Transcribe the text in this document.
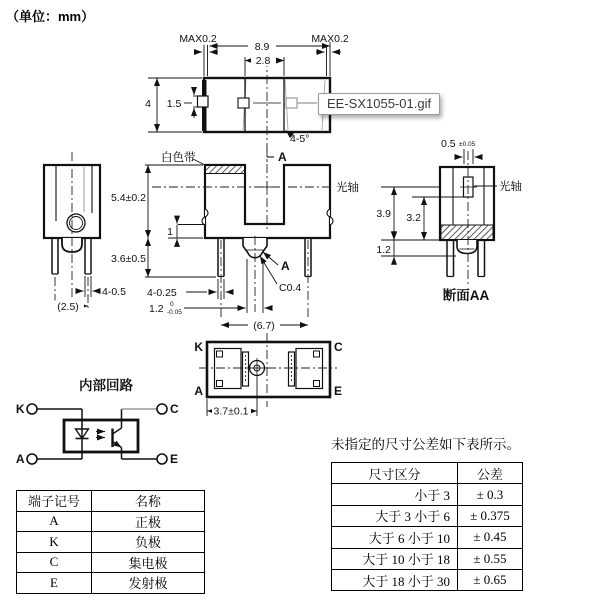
MAX0.2	MAX0.2
8.9
2.8
4 1.5
4-5°
A
4-0.5
(2.5)
白色带
光轴
5.4±0.2
1
3.6±0.5
4-0.25
1.2 0
-0.05
(6.7)
C0.4
A
0.5 ±0.05
光轴
3.9 3.2
1.2
断面AA
K	C
A	E
3.7±0.1
内部回路
K	C
A	E
（单位：mm）
EE-SX1055-01.gif
未指定的尺寸公差如下表所示。
端子记号	名称
A	正极
K	负极
C	集电极
E	发射极
尺寸区分	公差
小于 3	± 0.3
大于 3 小于 6	± 0.375
大于 6 小于 10	± 0.45
大于 10 小于 18	± 0.55
大于 18 小于 30	± 0.65
